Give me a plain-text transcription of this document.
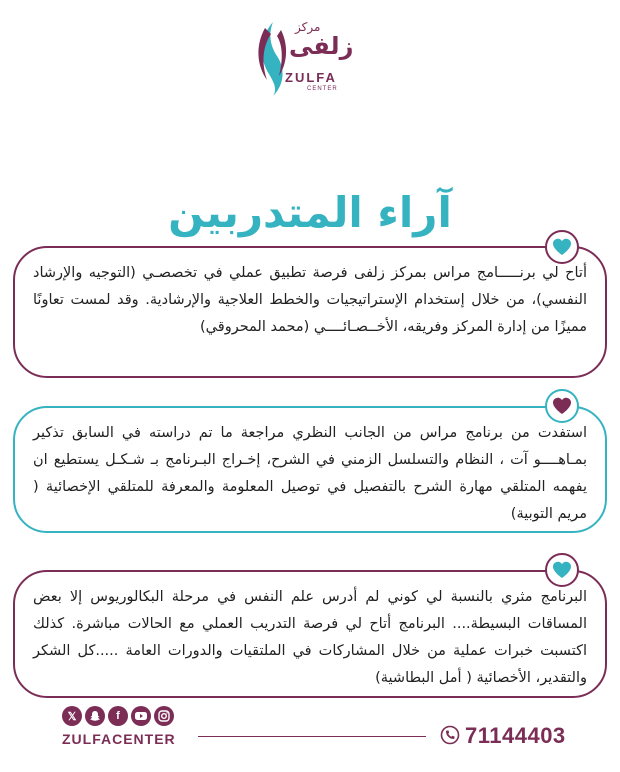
مركز
زلفى
ZULFA
CENTER
آراء المتدربين
أتاح لي برنـــــامج مراس بمركز زلفى فرصة تطبيق عملي في تخصصـي (التوجيه والإرشاد النفسي)، من خلال إستخدام الإستراتيجيات والخطط العلاجية والإرشادية. وقد لمست تعاونًا مميزًا من إدارة المركز وفريقه، الأخــصـائــــي (محمد المحروقي)
استفدت من برنامج مراس من الجانب النظري مراجعة ما تم دراسته في السابق تذكير بمـاهــــو آت ، النظام والتسلسل الزمني في الشرح، إخـراج البـرنامج بـ شـكـل يستطيع ان يفهمه المتلقي مهارة الشرح بالتفصيل في توصيل المعلومة والمعرفة للمتلقي الإخصائية ( مريم التوبية)
البرنامج مثري بالنسبة لي كوني لم أدرس علم النفس في مرحلة البكالوريوس إلا بعض المساقات البسيطة.... البرنامج أتاح لي فرصة التدريب العملي مع الحالات مباشرة. كذلك اكتسبت خبرات عملية من خلال المشاركات في الملتقيات والدورات العامة .....كل الشكر والتقدير، الأخصائية ( أمل البطاشية)
𝕏	f
ZULFACENTER	71144403
